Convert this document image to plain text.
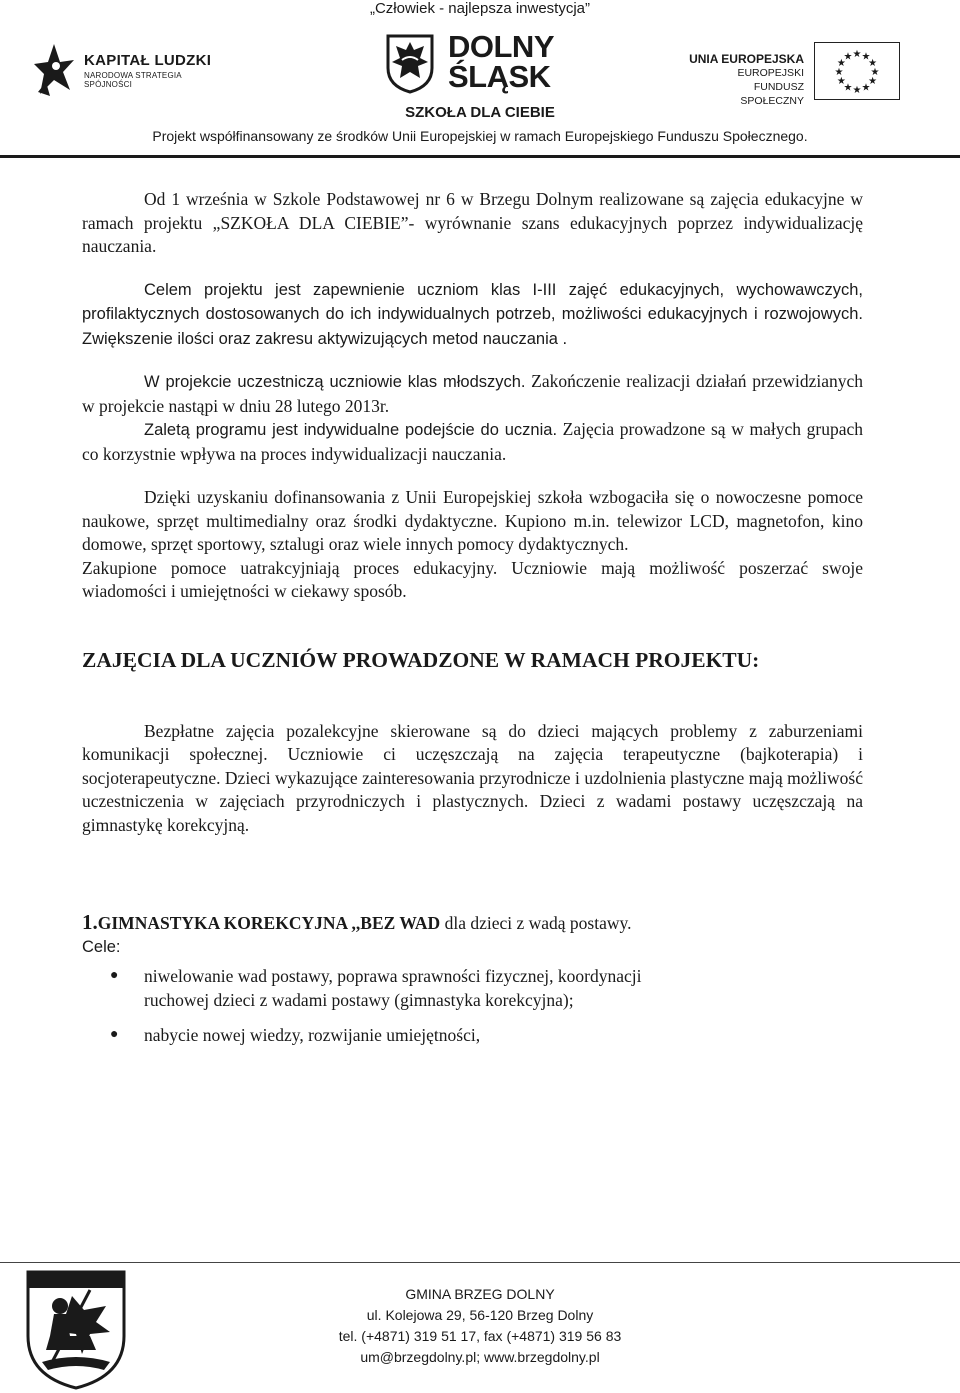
„Człowiek - najlepsza inwestycja”
KAPITAŁ LUDZKI
NARODOWA STRATEGIA SPÓJNOŚCI
DOLNY
ŚLĄSK	UNIA EUROPEJSKA
EUROPEJSKI
FUNDUSZ SPOŁECZNY
★ ★
★
★
★
★
★
★
★
★
★
★
SZKOŁA DLA CIEBIE
Projekt współfinansowany ze środków Unii Europejskiej w ramach Europejskiego Funduszu Społecznego.

Od 1 września w Szkole Podstawowej nr 6 w Brzegu Dolnym realizowane są zajęcia edukacyjne w ramach projektu „SZKOŁA DLA CIEBIE”- wyrównanie szans edukacyjnych poprzez indywidualizację nauczania.

Celem projektu jest zapewnienie uczniom klas I-III zajęć edukacyjnych, wychowawczych, profilaktycznych dostosowanych do ich indywidualnych potrzeb, możliwości edukacyjnych i rozwojowych. Zwiększenie ilości oraz zakresu aktywizujących metod nauczania .

W projekcie uczestniczą uczniowie klas młodszych. Zakończenie realizacji działań przewidzianych w projekcie nastąpi w dniu 28 lutego 2013r.

Zaletą programu jest indywidualne podejście do ucznia. Zajęcia prowadzone są w małych grupach co korzystnie wpływa na proces indywidualizacji nauczania.

Dzięki uzyskaniu dofinansowania z Unii Europejskiej szkoła wzbogaciła się o nowoczesne pomoce naukowe, sprzęt multimedialny oraz środki dydaktyczne. Kupiono m.in. telewizor LCD, magnetofon, kino domowe, sprzęt sportowy, sztalugi oraz wiele innych pomocy dydaktycznych.

Zakupione pomoce uatrakcyjniają proces edukacyjny. Uczniowie mają możliwość poszerzać swoje wiadomości i umiejętności w ciekawy sposób.

ZAJĘCIA DLA UCZNIÓW PROWADZONE W RAMACH PROJEKTU:

Bezpłatne zajęcia pozalekcyjne skierowane są do dzieci mających problemy z zaburzeniami komunikacji społecznej. Uczniowie ci uczęszczają na zajęcia terapeutyczne (bajkoterapia) i socjoterapeutyczne. Dzieci wykazujące zainteresowania przyrodnicze i uzdolnienia plastyczne mają możliwość uczestniczenia w zajęciach przyrodniczych i plastycznych. Dzieci z wadami postawy uczęszczają na gimnastykę korekcyjną.

1.GIMNASTYKA KOREKCYJNA ,,BEZ WAD dla dzieci z wadą postawy.

Cele:

● niwelowanie wad postawy, poprawa sprawności fizycznej, koordynacji
ruchowej dzieci z wadami postawy (gimnastyka korekcyjna);
● nabycie nowej wiedzy, rozwijanie umiejętności,
GMINA BRZEG DOLNY
ul. Kolejowa 29, 56-120 Brzeg Dolny
tel. (+4871) 319 51 17, fax (+4871) 319 56 83
um@brzegdolny.pl; www.brzegdolny.pl
